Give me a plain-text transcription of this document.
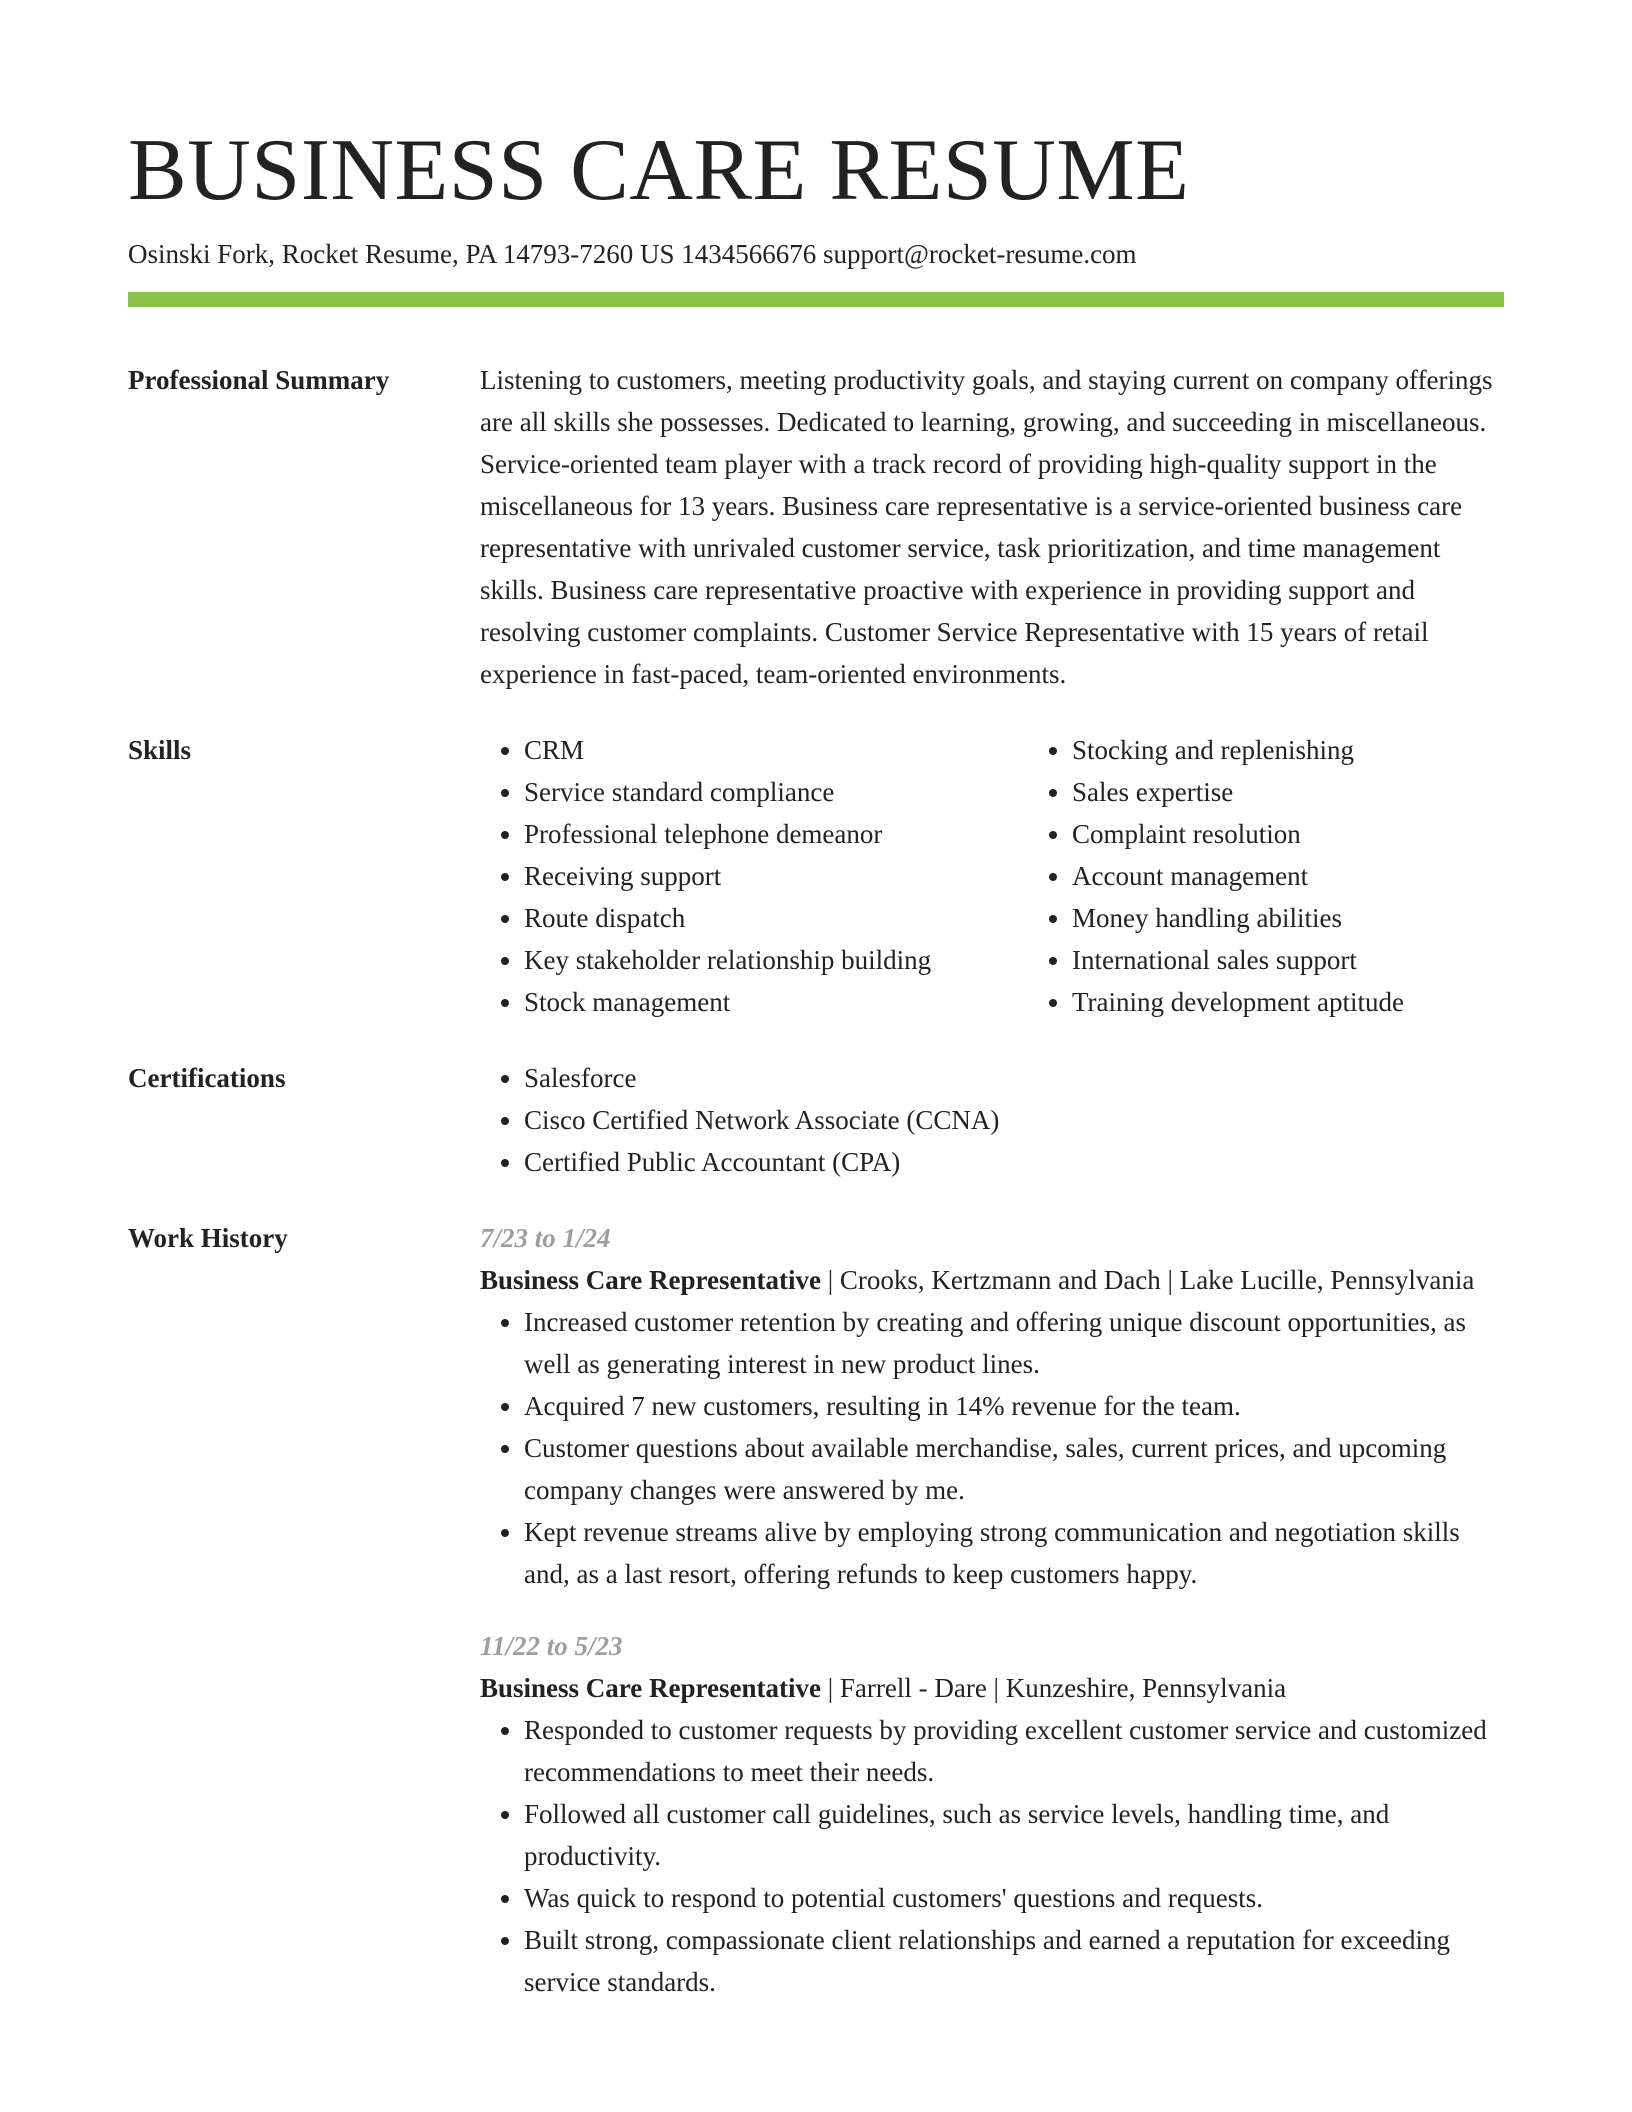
BUSINESS CARE RESUME
Osinski Fork, Rocket Resume, PA 14793-7260 US 1434566676 support@rocket-resume.com
Professional Summary	Listening to customers, meeting productivity goals, and staying current on company offerings are all skills she possesses. Dedicated to learning, growing, and succeeding in miscellaneous. Service-oriented team player with a track record of providing high-quality support in the miscellaneous for 13 years. Business care representative is a service-oriented business care representative with unrivaled customer service, task prioritization, and time management skills. Business care representative proactive with experience in providing support and resolving customer complaints. Customer Service Representative with 15 years of retail experience in fast-paced, team-oriented environments.

Skills	• CRM
• Service standard compliance
• Professional telephone demeanor
• Receiving support
• Route dispatch
• Key stakeholder relationship building
• Stock management
• Stocking and replenishing
• Sales expertise
• Complaint resolution
• Account management
• Money handling abilities
• International sales support
• Training development aptitude
Certifications	• Salesforce
• Cisco Certified Network Associate (CCNA)
• Certified Public Accountant (CPA)
Work History	7/23 to 1/24

Business Care Representative | Crooks, Kertzmann and Dach | Lake Lucille, Pennsylvania

• Increased customer retention by creating and offering unique discount opportunities, as well as generating interest in new product lines.
• Acquired 7 new customers, resulting in 14% revenue for the team.
• Customer questions about available merchandise, sales, current prices, and upcoming company changes were answered by me.
• Kept revenue streams alive by employing strong communication and negotiation skills and, as a last resort, offering refunds to keep customers happy.
11/22 to 5/23

Business Care Representative | Farrell - Dare | Kunzeshire, Pennsylvania

• Responded to customer requests by providing excellent customer service and customized recommendations to meet their needs.
• Followed all customer call guidelines, such as service levels, handling time, and productivity.
• Was quick to respond to potential customers' questions and requests.
• Built strong, compassionate client relationships and earned a reputation for exceeding service standards.
